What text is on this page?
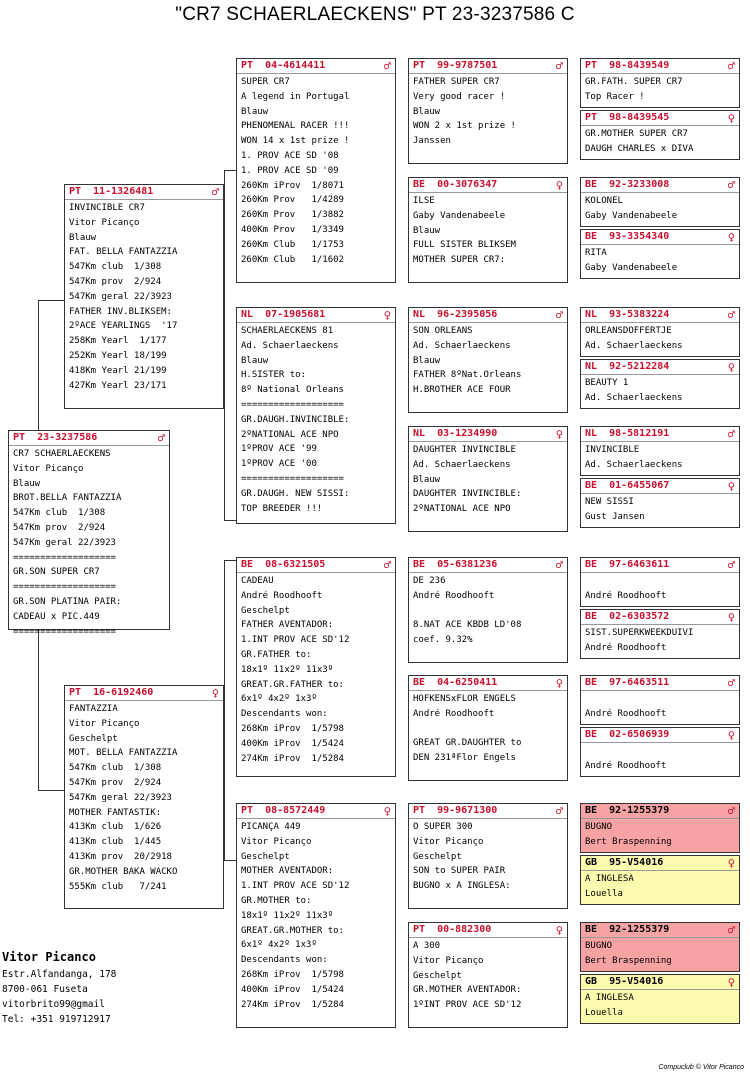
"CR7 SCHAERLAECKENS" PT 23-3237586 C
PT  23-3237586	♂
CR7 SCHAERLAECKENS
Vitor Picanço
Blauw
BROT.BELLA FANTAZZIA
547Km club  1/308
547Km prov  2/924
547Km geral 22/3923
===================
GR.SON SUPER CR7
===================
GR.SON PLATINA PAIR:
CADEAU x PIC.449
===================
PT  11-1326481	♂
INVINCIBLE CR7
Vitor Picanço
Blauw
FAT. BELLA FANTAZZIA
547Km club  1/308
547Km prov  2/924
547Km geral 22/3923
FATHER INV.BLIKSEM:
2ºACE YEARLINGS  '17
258Km Yearl  1/177
252Km Yearl 18/199
418Km Yearl 21/199
427Km Yearl 23/171
PT  16-6192460	♀
FANTAZZIA
Vitor Picanço
Geschelpt
MOT. BELLA FANTAZZIA
547Km club  1/308
547Km prov  2/924
547Km geral 22/3923
MOTHER FANTASTIK:
413Km club  1/626
413Km club  1/445
413Km prov  20/2918
GR.MOTHER BAKA WACKO
555Km club   7/241
PT  04-4614411	♂
SUPER CR7
A legend in Portugal
Blauw
PHENOMENAL RACER !!!
WON 14 x 1st prize !
1. PROV ACE SD '08
1. PROV ACE SD '09
260Km iProv  1/8071
260Km Prov   1/4289
260Km Prov   1/3882
400Km Prov   1/3349
260Km Club   1/1753
260Km Club   1/1602
NL  07-1905681	♀
SCHAERLAECKENS 81
Ad. Schaerlaeckens
Blauw
H.SISTER to:
8º National Orleans
===================
GR.DAUGH.INVINCIBLE:
2ºNATIONAL ACE NPO
1ºPROV ACE '99
1ºPROV ACE '00
===================
GR.DAUGH. NEW SISSI:
TOP BREEDER !!!
BE  08-6321505	♂
CADEAU
André Roodhooft
Geschelpt
FATHER AVENTADOR:
1.INT PROV ACE SD'12
GR.FATHER to:
18x1º 11x2º 11x3º
GREAT.GR.FATHER to:
6x1º 4x2º 1x3º
Descendants won:
268Km iProv  1/5798
400Km iProv  1/5424
274Km iProv  1/5284
PT  08-8572449	♀
PICANÇA 449
Vitor Picanço
Geschelpt
MOTHER AVENTADOR:
1.INT PROV ACE SD'12
GR.MOTHER to:
18x1º 11x2º 11x3º
GREAT.GR.MOTHER to:
6x1º 4x2º 1x3º
Descendants won:
268Km iProv  1/5798
400Km iProv  1/5424
274Km iProv  1/5284
PT  99-9787501	♂
FATHER SUPER CR7
Very good racer !
Blauw
WON 2 x 1st prize !
Janssen
BE  00-3076347	♀
ILSE
Gaby Vandenabeele
Blauw
FULL SISTER BLIKSEM
MOTHER SUPER CR7:
NL  96-2395056	♂
SON ORLEANS
Ad. Schaerlaeckens
Blauw
FATHER 8ºNat.Orleans
H.BROTHER ACE FOUR
NL  03-1234990	♀
DAUGHTER INVINCIBLE
Ad. Schaerlaeckens
Blauw
DAUGHTER INVINCIBLE:
2ºNATIONAL ACE NPO
BE  05-6381236	♂
DE 236
André Roodhooft
8.NAT ACE KBDB LD'08
coef. 9.32%
BE  04-6250411	♀
HOFKENSxFLOR ENGELS
André Roodhooft
GREAT GR.DAUGHTER to
DEN 231ªFlor Engels
PT  99-9671300	♂
O SUPER 300
Vitor Picanço
Geschelpt
SON to SUPER PAIR
BUGNO x A INGLESA:
PT  00-882300	♀
A 300
Vitor Picanço
Geschelpt
GR.MOTHER AVENTADOR:
1ºINT PROV ACE SD'12
PT  98-8439549	♂
GR.FATH. SUPER CR7
Top Racer !
PT  98-8439545	♀
GR.MOTHER SUPER CR7
DAUGH CHARLES x DIVA
BE  92-3233008	♂
KOLONEL
Gaby Vandenabeele
BE  93-3354340	♀
RITA
Gaby Vandenabeele
NL  93-5383224	♂
ORLEANSDOFFERTJE
Ad. Schaerlaeckens
NL  92-5212284	♀
BEAUTY 1
Ad. Schaerlaeckens
NL  98-5812191	♂
INVINCIBLE
Ad. Schaerlaeckens
BE  01-6455067	♀
NEW SISSI
Gust Jansen
BE  97-6463611	♂
André Roodhooft
BE  02-6303572	♀
SIST.SUPERKWEEKDUIVI
André Roodhooft
BE  97-6463511	♂
André Roodhooft
BE  02-6506939	♀
André Roodhooft
BE  92-1255379	♂
BUGNO
Bert Braspenning
GB  95-V54016	♀
A INGLESA
Louella
BE  92-1255379	♂
BUGNO
Bert Braspenning
GB  95-V54016	♀
A INGLESA
Louella
Vitor Picanco
Estr.Alfandanga, 178
8700-061 Fuseta
vitorbrito99@gmail
Tel: +351 919712917
Compuclub © Vitor Picanco
